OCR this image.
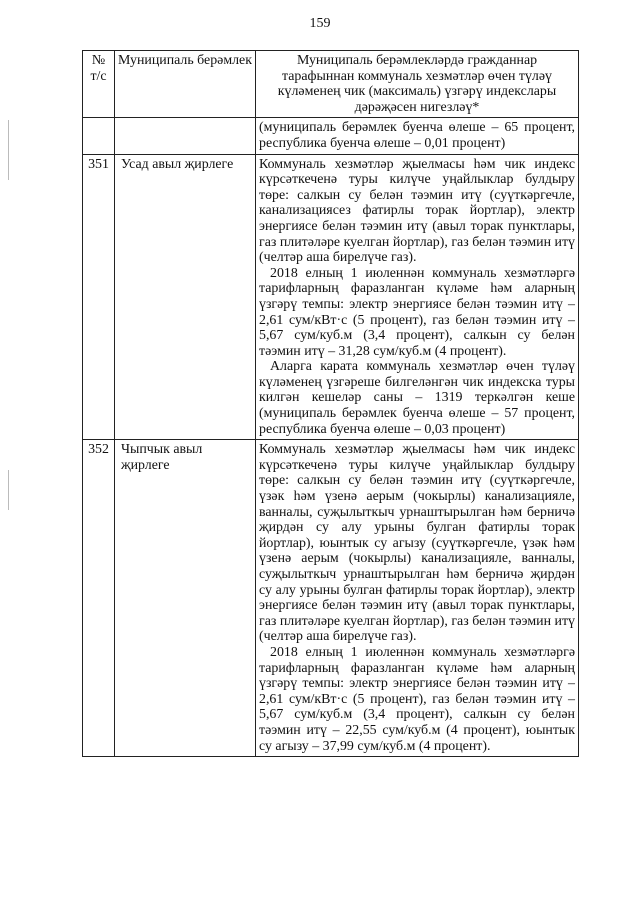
159
№ т/с	Муниципаль берәмлек	Муниципаль берәмлекләрдә гражданнар тарафыннан коммуналь хезмәтләр өчен түләү күләменең чик (максималь) үзгәрү индекслары дәрәҗәсен нигезләү*

		(муниципаль берәмлек буенча өлеше – 65 процент, республика буенча өлеше – 0,01 процент)

351	Усад авыл җирлеге	Коммуналь хезмәтләр җыелмасы һәм чик индекс күрсәткеченә туры килүче уңайлыклар булдыру төре: салкын су белән тәэмин итү (суүткәргечле, канализациясез фатирлы торак йортлар), электр энергиясе белән тәэмин итү (авыл торак пунктлары, газ плитәләре куелган йортлар), газ белән тәэмин итү (челтәр аша бирелүче газ).

2018 елның 1 июленнән коммуналь хезмәтләргә тарифларның фаразланган күләме һәм аларның үзгәрү темпы: электр энергиясе белән тәэмин итү – 2,61 сум/кВт·с (5 процент), газ белән тәэмин итү – 5,67 сум/куб.м (3,4 процент), салкын су белән тәэмин итү – 31,28 сум/куб.м (4 процент).

Аларга карата коммуналь хезмәтләр өчен түләү күләменең үзгәреше билгеләнгән чик индекска туры килгән кешеләр саны – 1319 теркәлгән кеше (муниципаль берәмлек буенча өлеше – 57 процент, республика буенча өлеше – 0,03 процент)

352	Чыпчык авыл җирлеге	Коммуналь хезмәтләр җыелмасы һәм чик индекс күрсәткеченә туры килүче уңайлыклар булдыру төре: салкын су белән тәэмин итү (суүткәргечле, үзәк һәм үзенә аерым (чокырлы) канализацияле, ванналы, суҗылыткыч урнаштырылган һәм берничә җирдән су алу урыны булган фатирлы торак йортлар), юынтык су агызу (суүткәргечле, үзәк һәм үзенә аерым (чокырлы) канализацияле, ванналы, суҗылыткыч урнаштырылган һәм берничә җирдән су алу урыны булган фатирлы торак йортлар), электр энергиясе белән тәэмин итү (авыл торак пунктлары, газ плитәләре куелган йортлар), газ белән тәэмин итү (челтәр аша бирелүче газ).

2018 елның 1 июленнән коммуналь хезмәтләргә тарифларның фаразланган күләме һәм аларның үзгәрү темпы: электр энергиясе белән тәэмин итү – 2,61 сум/кВт·с (5 процент), газ белән тәэмин итү – 5,67 сум/куб.м (3,4 процент), салкын су белән тәэмин итү – 22,55 сум/куб.м (4 процент), юынтык су агызу – 37,99 сум/куб.м (4 процент).
